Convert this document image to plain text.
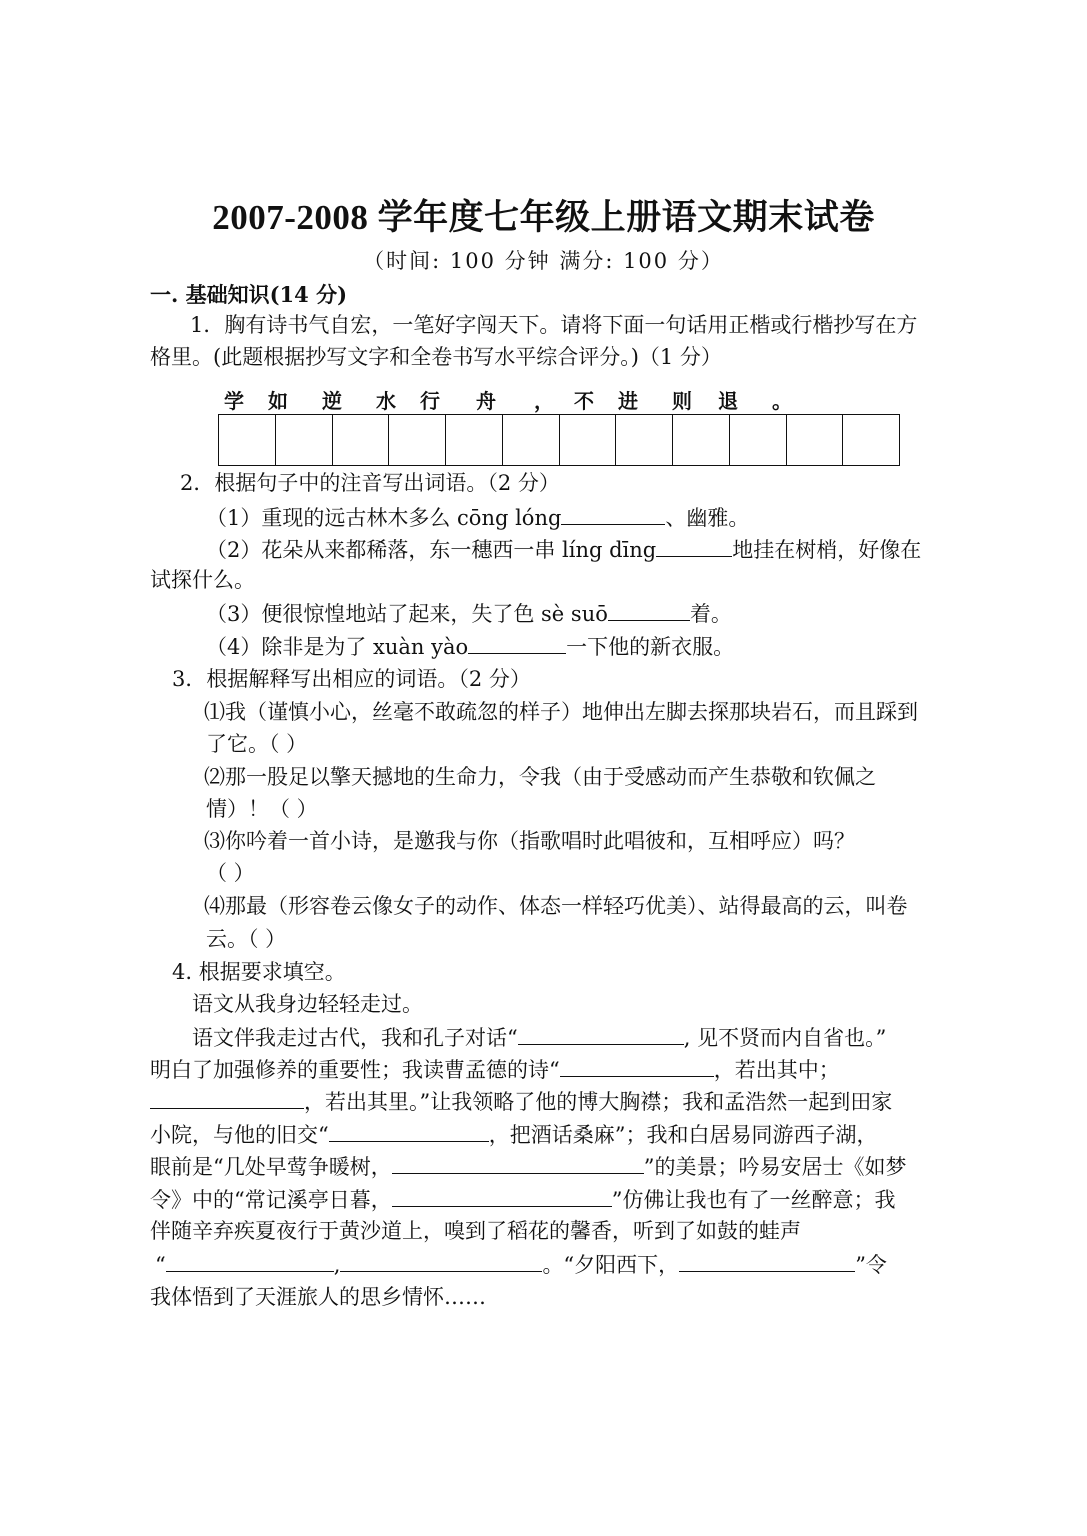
2007-2008 学年度七年级上册语文期末试卷
（时间: 100 分钟 满分: 100 分）
一. 基础知识(14 分)
1．胸有诗书气自宏，一笔好字闯天下。请将下面一句话用正楷或行楷抄写在方
格里。(此题根据抄写文字和全卷书写水平综合评分。)（1 分）
学 如 逆 水 行 舟 ， 不 进 则 退 。
2．根据句子中的注音写出词语。（2 分）
（1）重现的远古林木多么 cōng lóng	、幽雅。
（2）花朵从来都稀落，东一穗西一串 líng dīng	地挂在树梢，好像在
试探什么。
（3）便很惊惶地站了起来，失了色 sè suō	着。
（4）除非是为了 xuàn yào	一下他的新衣服。
3．根据解释写出相应的词语。（2 分）
⑴我（谨慎小心，丝毫不敢疏忽的样子）地伸出左脚去探那块岩石，而且踩到
了它。（ ）
⑵那一股足以擎天撼地的生命力，令我（由于受感动而产生恭敬和钦佩之
情）！（ ）
⑶你吟着一首小诗，是邀我与你（指歌唱时此唱彼和，互相呼应）吗？
（ ）
⑷那最（形容卷云像女子的动作、体态一样轻巧优美）、站得最高的云，叫卷
云。（ ）
4. 根据要求填空。
语文从我身边轻轻走过。
语文伴我走过古代，我和孔子对话“	, 见不贤而内自省也。”
明白了加强修养的重要性；我读曹孟德的诗“	，若出其中；
，若出其里。”让我领略了他的博大胸襟；我和孟浩然一起到田家
小院，与他的旧交“	，把酒话桑麻”；我和白居易同游西子湖，
眼前是“几处早莺争暖树，	”的美景；吟易安居士《如梦
令》中的“常记溪亭日暮，	”仿佛让我也有了一丝醉意；我
伴随辛弃疾夏夜行于黄沙道上，嗅到了稻花的馨香，听到了如鼓的蛙声
“	,	。“夕阳西下，	”令
我体悟到了天涯旅人的思乡情怀……
